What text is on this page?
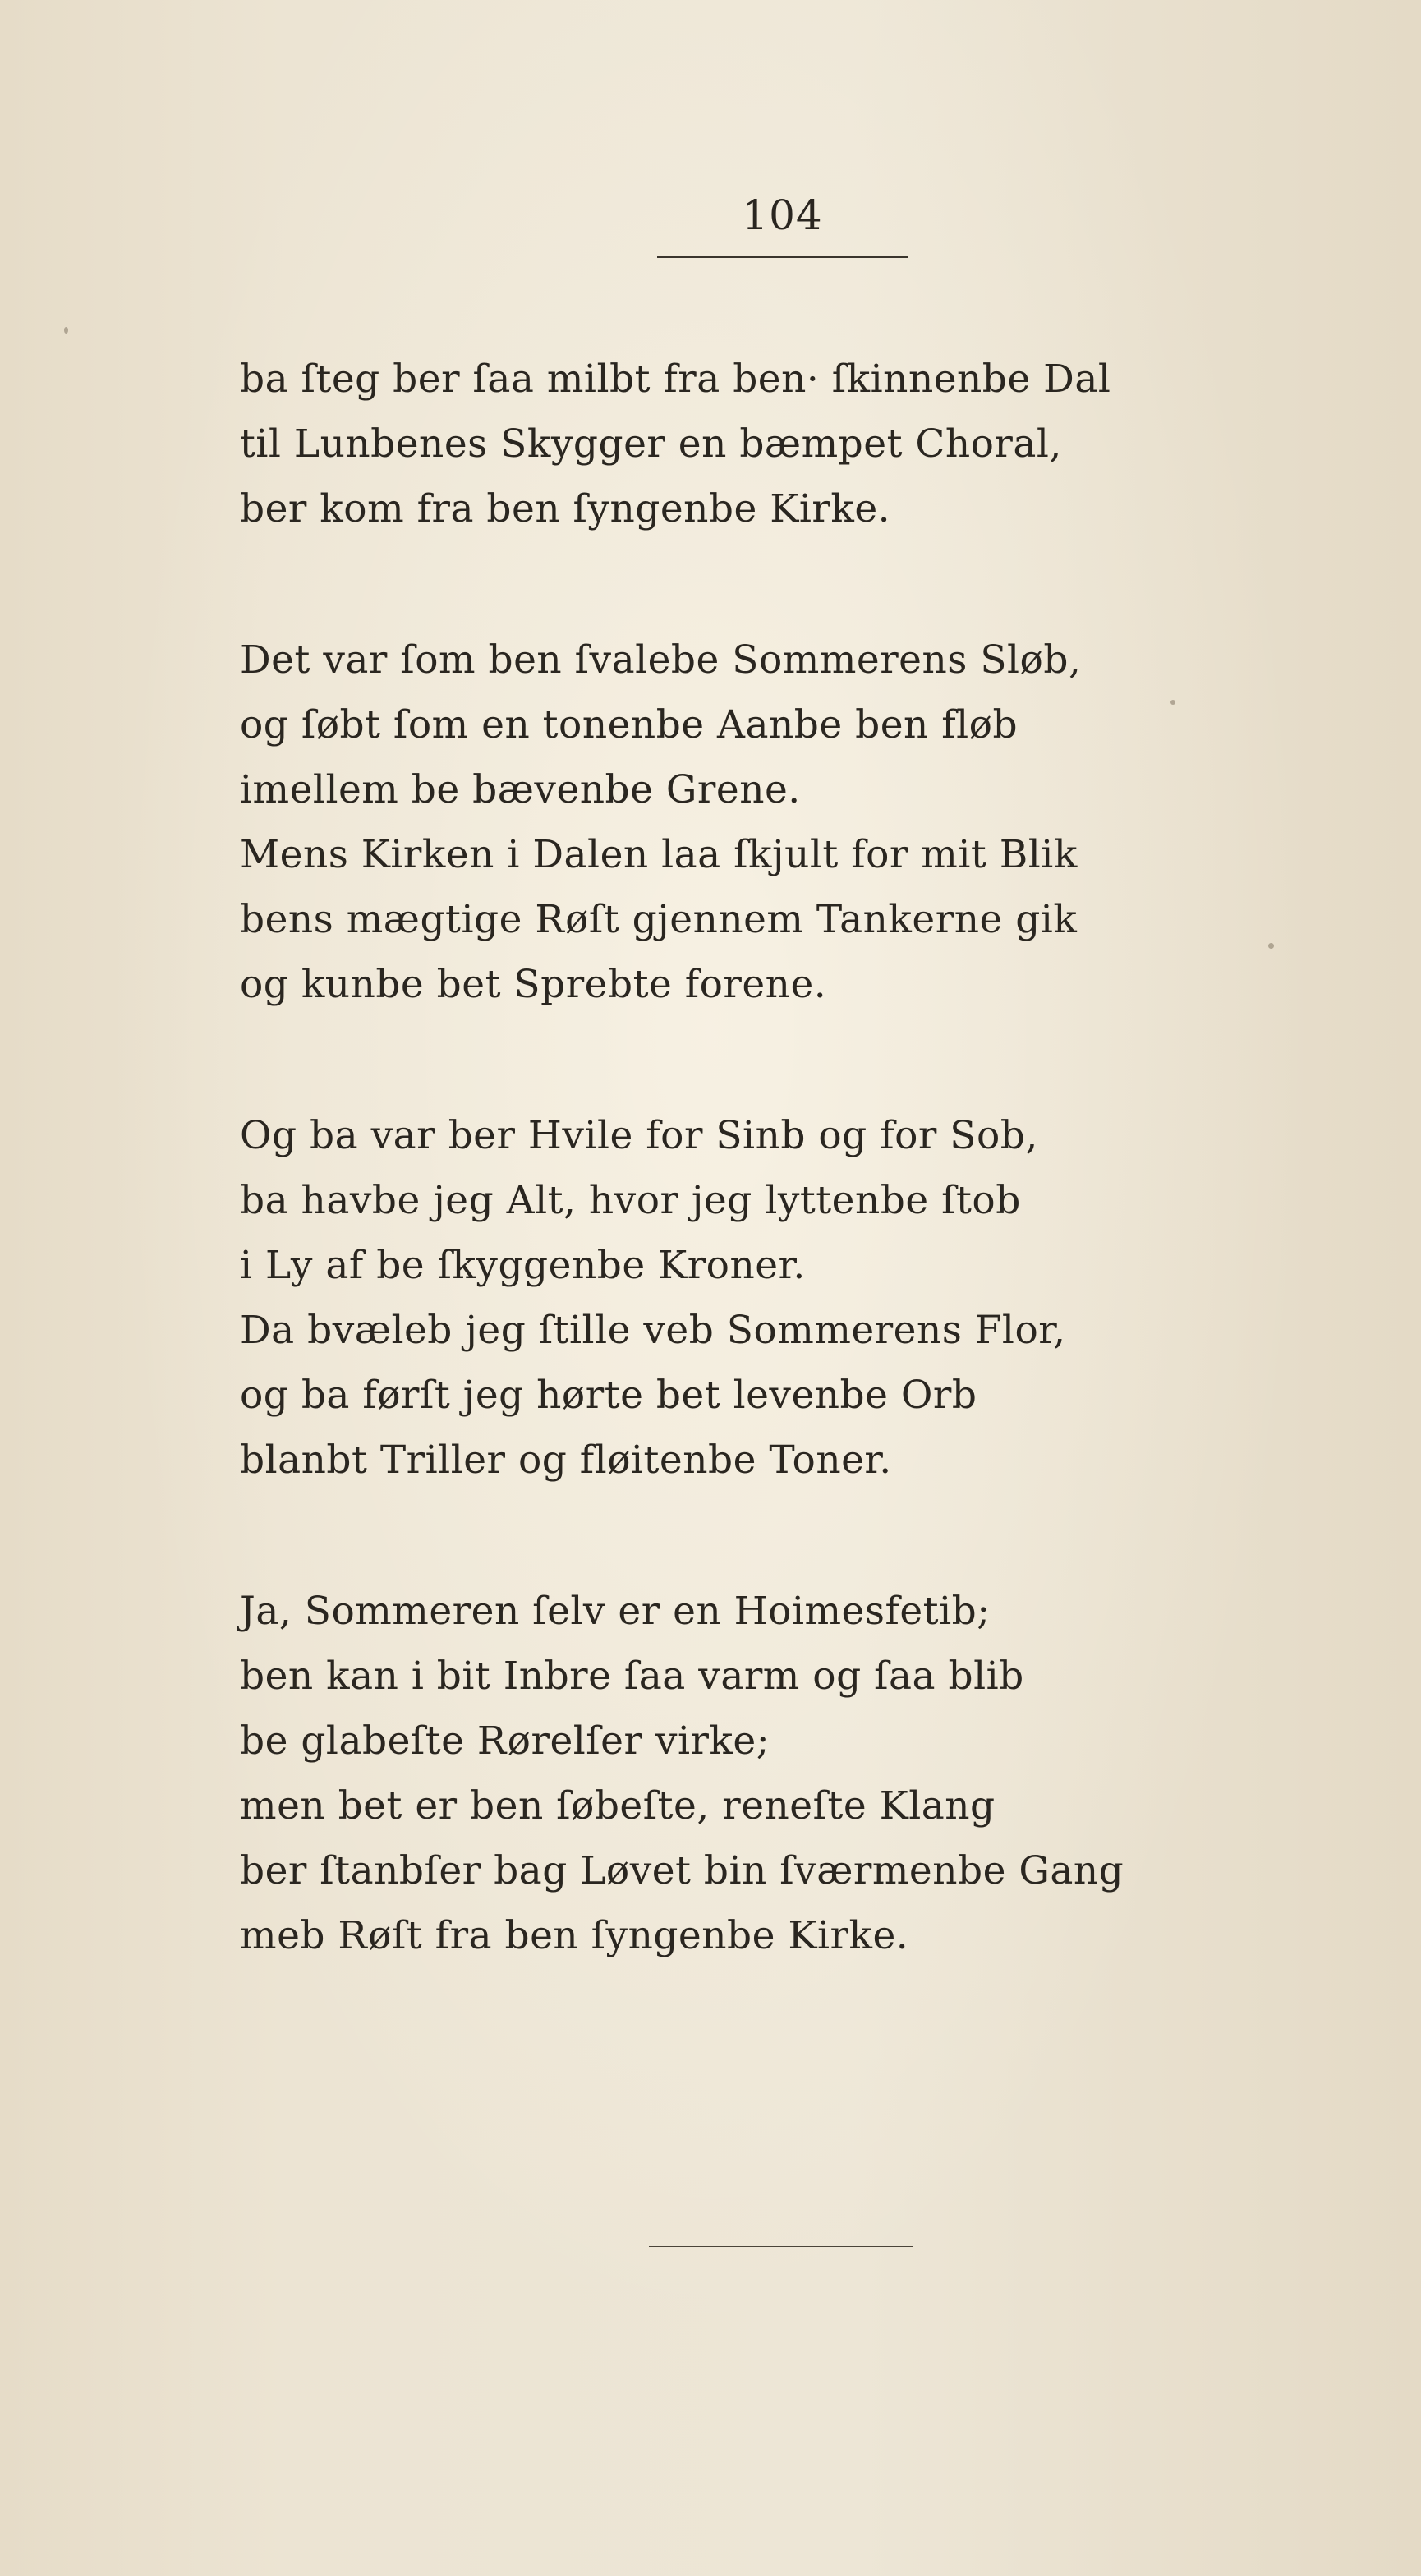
104
ba ſteg ber ſaa milbt fra ben· ſkinnenbe Dal
til Lunbenes Skygger en bæmpet Choral,
ber kom fra ben ſyngenbe Kirke.
Det var ſom ben ſvalebe Sommerens Sløb,
og ſøbt ſom en tonenbe Aanbe ben fløb
imellem be bævenbe Grene.
Mens Kirken i Dalen laa ſkjult for mit Blik
bens mægtige Røſt gjennem Tankerne gik
og kunbe bet Sprebte forene.
Og ba var ber Hvile for Sinb og for Sob,
ba havbe jeg Alt, hvor jeg lyttenbe ſtob
i Ly af be ſkyggenbe Kroner.
Da bvæleb jeg ſtille veb Sommerens Flor,
og ba førſt jeg hørte bet levenbe Orb
blanbt Triller og fløitenbe Toner.
Ja, Sommeren ſelv er en Hoimesfetib;
ben kan i bit Inbre ſaa varm og ſaa blib
be glabeſte Rørelſer virke;
men bet er ben ſøbeſte, reneſte Klang
ber ſtanbſer bag Løvet bin ſværmenbe Gang
meb Røſt fra ben ſyngenbe Kirke.
